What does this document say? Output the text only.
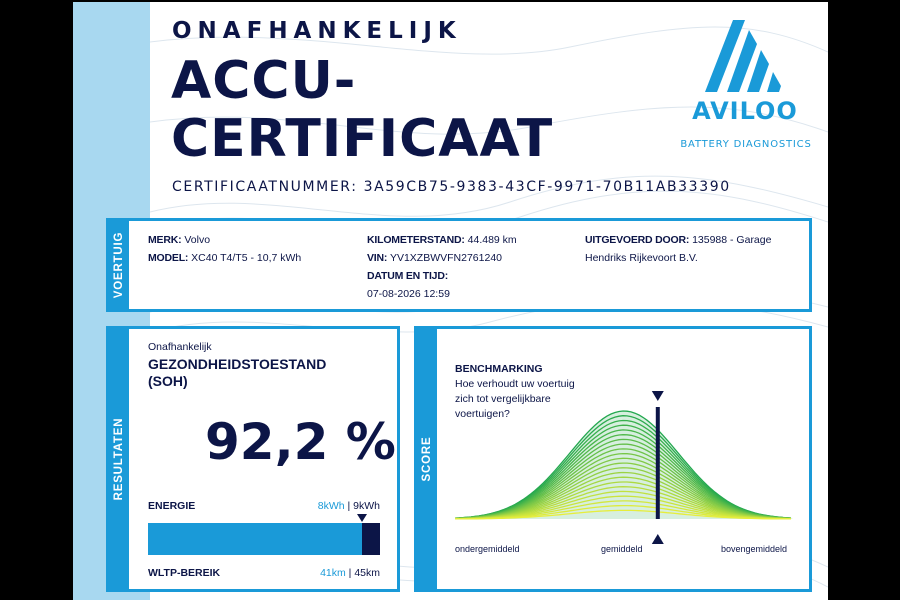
ONAFHANKELIJK
ACCU-
CERTIFICAAT
CERTIFICAATNUMMER: 3A59CB75-9383-43CF-9971-70B11AB33390
AVILOO
BATTERY DIAGNOSTICS
VOERTUIG MERK: Volvo
MODEL: XC40 T4/T5 - 10,7 kWh
KILOMETERSTAND: 44.489 km
VIN: YV1XZBWVFN2761240
DATUM EN TIJD:
07-08-2026 12:59
UITGEVOERD DOOR: 135988 - Garage
Hendriks Rijkevoort B.V.
RESULTATEN
Onafhankelijk
GEZONDHEIDSTOESTAND
(SOH)
92,2 %
ENERGIE	8kWh | 9kWh
WLTP-BEREIK	41km | 45km
SCORE
BENCHMARKING
Hoe verhoudt uw voertuig zich tot vergelijkbare voertuigen?
ondergemiddeld	gemiddeld	bovengemiddeld
